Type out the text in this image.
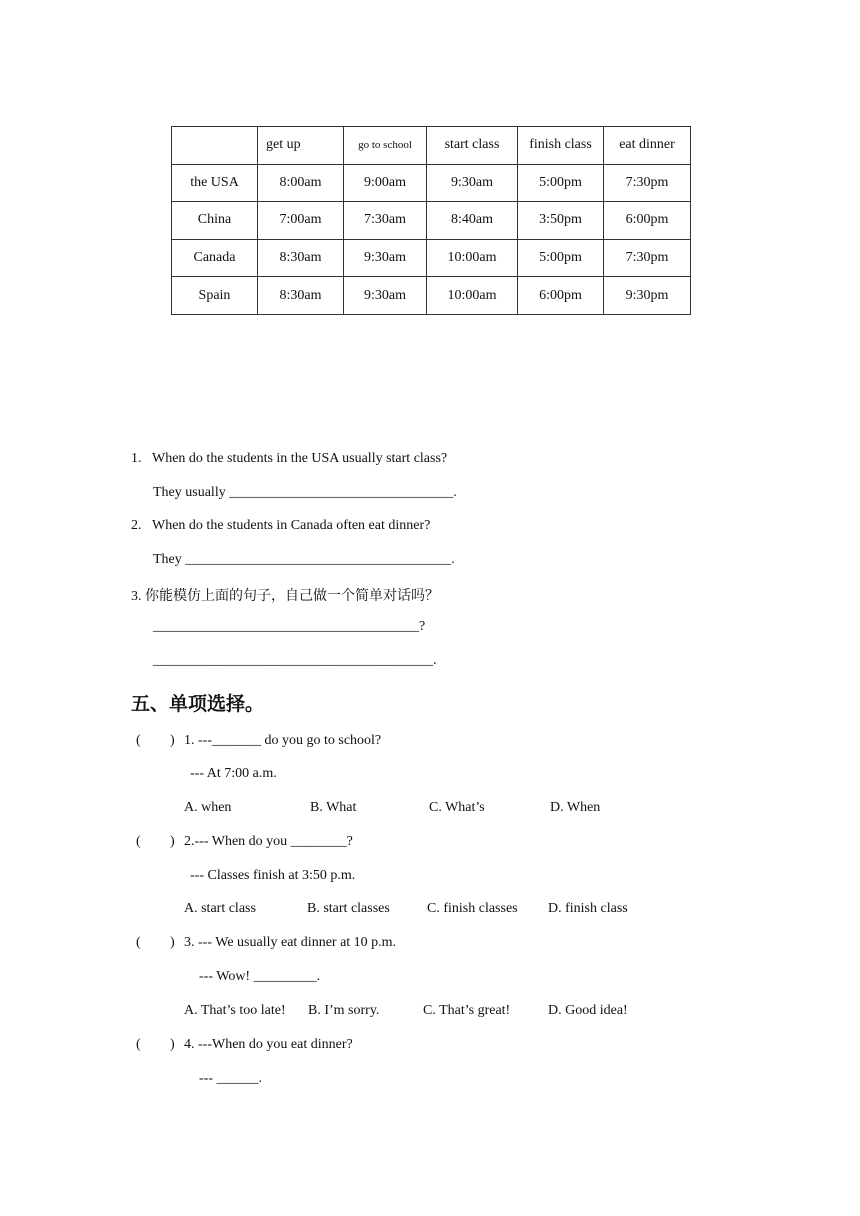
	get up	go to school	start class	finish class	eat dinner
the USA	8:00am	9:00am	9:30am	5:00pm	7:30pm
China	7:00am	7:30am	8:40am	3:50pm	6:00pm
Canada	8:30am	9:30am	10:00am	5:00pm	7:30pm
Spain	8:30am	9:30am	10:00am	6:00pm	9:30pm
1.   When do the students in the USA usually start class?
They usually ________________________________.
2.   When do the students in Canada often eat dinner?
They ______________________________________.
3. 你能模仿上面的句子，自己做一个简单对话吗？
______________________________________?
________________________________________.
五、单项选择。
( ) 1. ---_______ do you go to school?
--- At 7:00 a.m.
A. when	B. What	C. What’s	D. When
( ) 2.--- When do you ________?
--- Classes finish at 3:50 p.m.
A. start class	B. start classes	C. finish classes D. finish class
( ) 3. --- We usually eat dinner at 10 p.m.
--- Wow! _________.
A. That’s too late! B. I’m sorry.	C. That’s great!	D. Good idea!
( ) 4. ---When do you eat dinner?
--- ______.
